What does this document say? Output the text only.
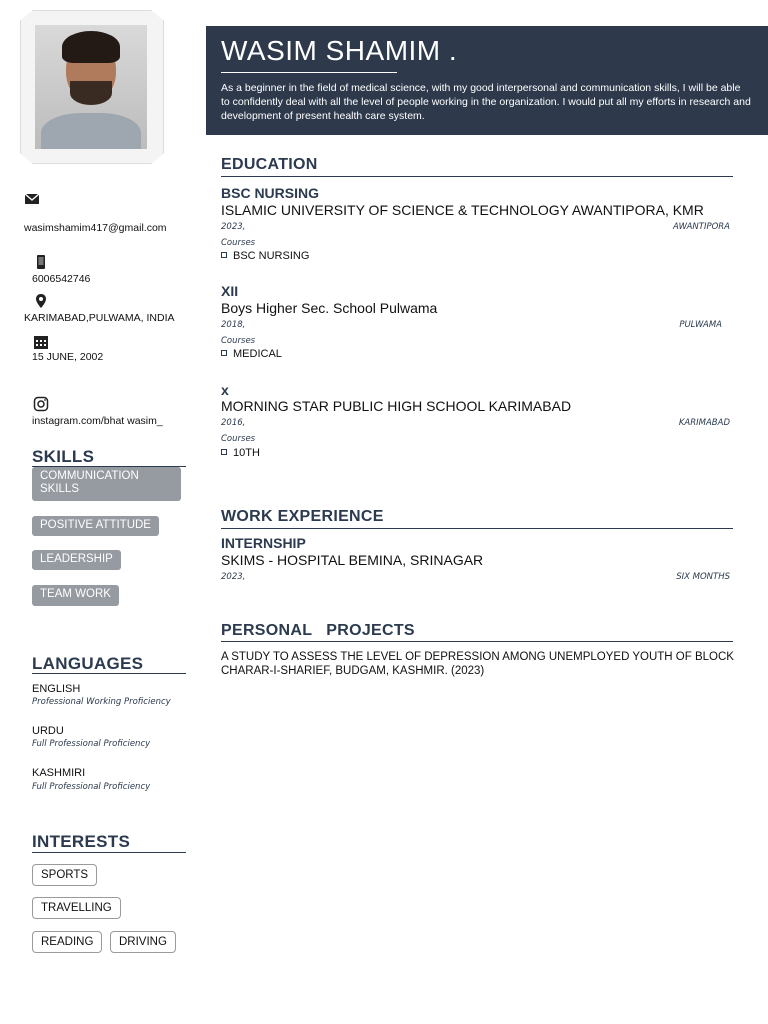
wasimshamim417@gmail.com
6006542746
KARIMABAD,PULWAMA, INDIA
15 JUNE, 2002
instagram.com/bhat wasim_
SKILLS
COMMUNICATION SKILLS
POSITIVE ATTITUDE
LEADERSHIP
TEAM WORK
LANGUAGES
ENGLISH
Professional Working Proficiency
URDU
Full Professional Proficiency
KASHMIRI
Full Professional Proficiency
INTERESTS
SPORTS
TRAVELLING
READING	DRIVING
WASIM SHAMIM .
As a beginner in the field of medical science, with my good interpersonal and communication skills, I will be able to confidently deal with all the level of people working in the organization. I would put all my efforts in research and development of present health care system.
EDUCATION
BSC NURSING
ISLAMIC UNIVERSITY OF SCIENCE & TECHNOLOGY AWANTIPORA, KMR
2023,	AWANTIPORA
Courses
BSC NURSING
XII
Boys Higher Sec. School Pulwama
2018,	PULWAMA
Courses
MEDICAL
x
MORNING STAR PUBLIC HIGH SCHOOL KARIMABAD
2016,	KARIMABAD
Courses
10TH
WORK EXPERIENCE
INTERNSHIP
SKIMS - HOSPITAL BEMINA, SRINAGAR
2023,	SIX MONTHS
PERSONAL   PROJECTS
A STUDY TO ASSESS THE LEVEL OF DEPRESSION AMONG UNEMPLOYED YOUTH OF BLOCK CHARAR-I-SHARIEF, BUDGAM, KASHMIR. (2023)
